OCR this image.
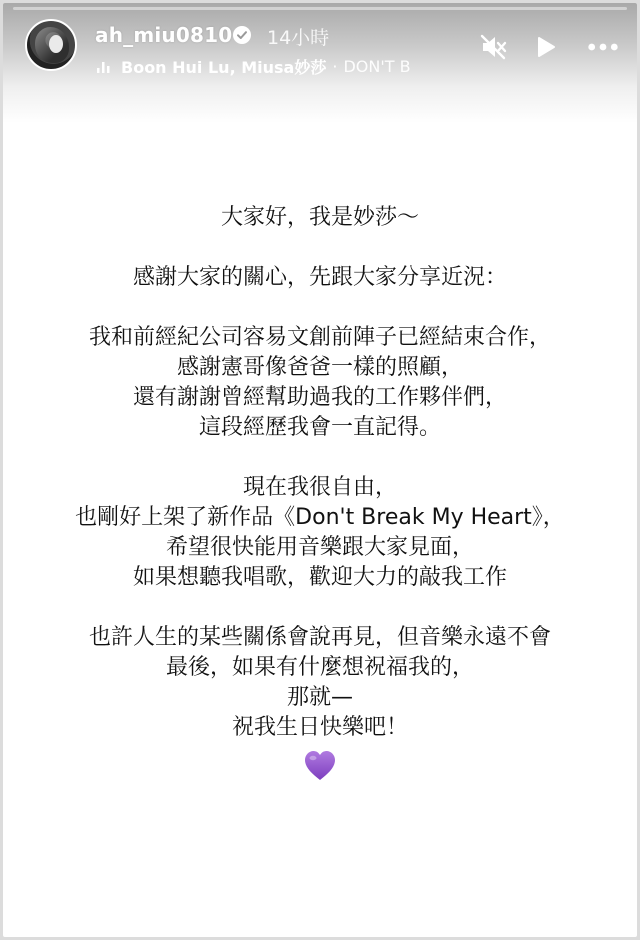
ah_miu0810 14小時
Boon Hui Lu, Miusa妙莎 · DON'T B
大家好，我是妙莎～
感謝大家的關心，先跟大家分享近況：
我和前經紀公司容易文創前陣子已經結束合作，
感謝憲哥像爸爸一樣的照顧，
還有謝謝曾經幫助過我的工作夥伴們，
這段經歷我會一直記得。
現在我很自由，
也剛好上架了新作品《Don't Break My Heart》，
希望很快能用音樂跟大家見面，
如果想聽我唱歌，歡迎大力的敲我工作
也許人生的某些關係會說再見，但音樂永遠不會
最後，如果有什麼想祝福我的，
那就—
祝我生日快樂吧！
